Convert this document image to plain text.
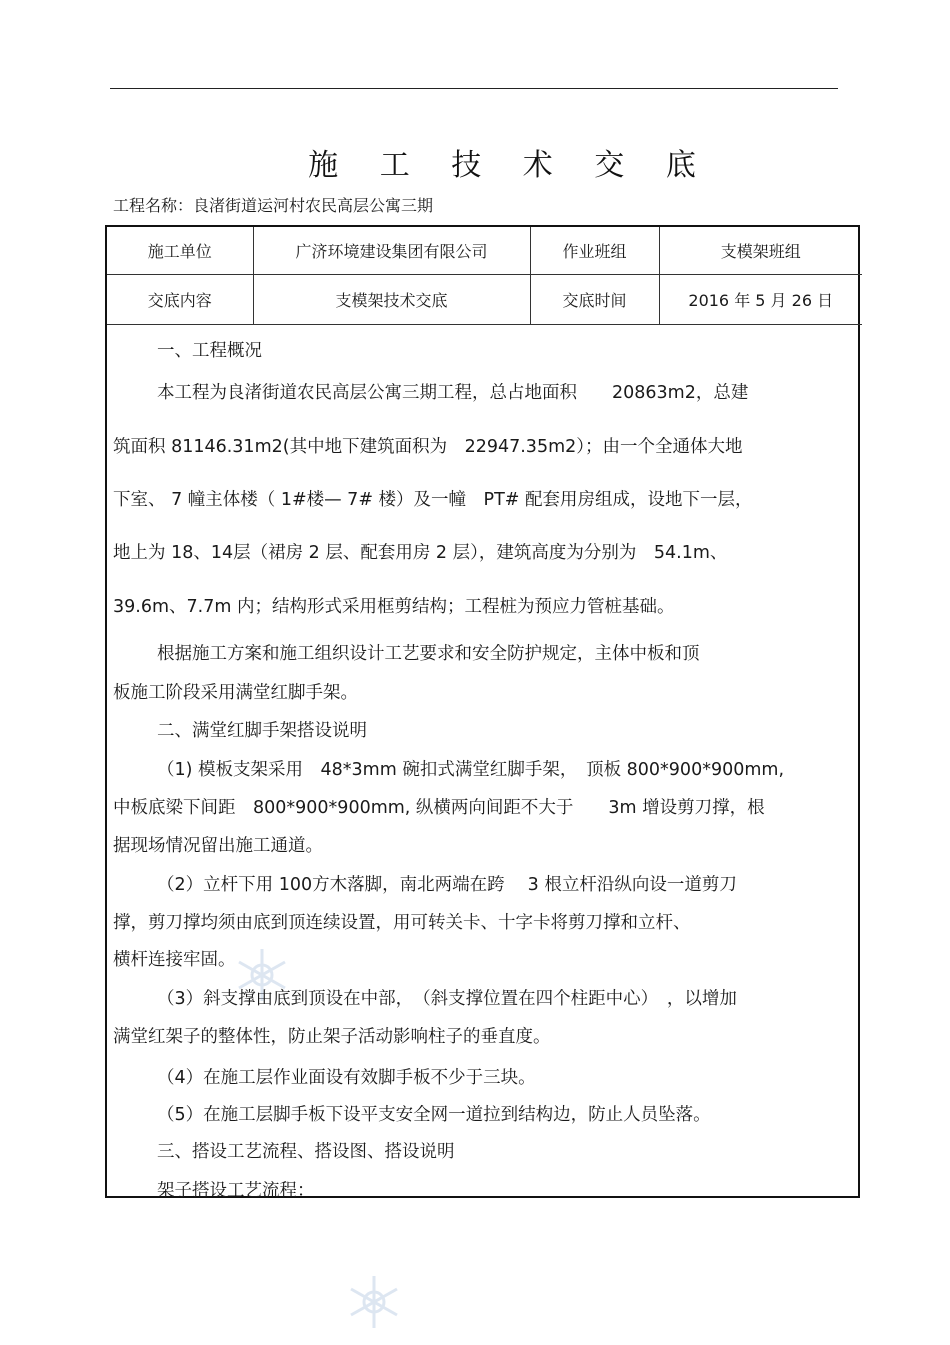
施 工 技 术 交 底
工程名称：良渚街道运河村农民高层公寓三期
施工单位	广济环境建设集团有限公司	作业班组	支模架班组
交底内容	支模架技术交底	交底时间	2016 年 5 月 26 日
一、工程概况
本工程为良渚街道农民高层公寓三期工程，总占地面积　　20863m2，总建
筑面积 81146.31m2(其中地下建筑面积为　22947.35m2）；由一个全通体大地
下室、 7 幢主体楼（ 1#楼— 7# 楼）及一幢　PT# 配套用房组成，设地下一层，
地上为 18、14层（裙房 2 层、配套用房 2 层），建筑高度为分别为　54.1m、
39.6m、7.7m 内；结构形式采用框剪结构；工程桩为预应力管桩基础。
根据施工方案和施工组织设计工艺要求和安全防护规定，主体中板和顶
板施工阶段采用满堂红脚手架。
二、满堂红脚手架搭设说明
（1) 模板支架采用　48*3mm 碗扣式满堂红脚手架，　顶板 800*900*900mm,
中板底梁下间距　800*900*900mm, 纵横两向间距不大于　　3m 增设剪刀撑，根
据现场情况留出施工通道。
（2）立杆下用 100方木落脚，南北两端在跨　 3 根立杆沿纵向设一道剪刀
撑，剪刀撑均须由底到顶连续设置，用可转关卡、十字卡将剪刀撑和立杆、
横杆连接牢固。
（3）斜支撑由底到顶设在中部，　（斜支撑位置在四个柱距中心）　，以增加
满堂红架子的整体性，防止架子活动影响柱子的垂直度。
（4）在施工层作业面设有效脚手板不少于三块。
（5）在施工层脚手板下设平支安全网一道拉到结构边，防止人员坠落。
三、搭设工艺流程、搭设图、搭设说明
架子搭设工艺流程：
